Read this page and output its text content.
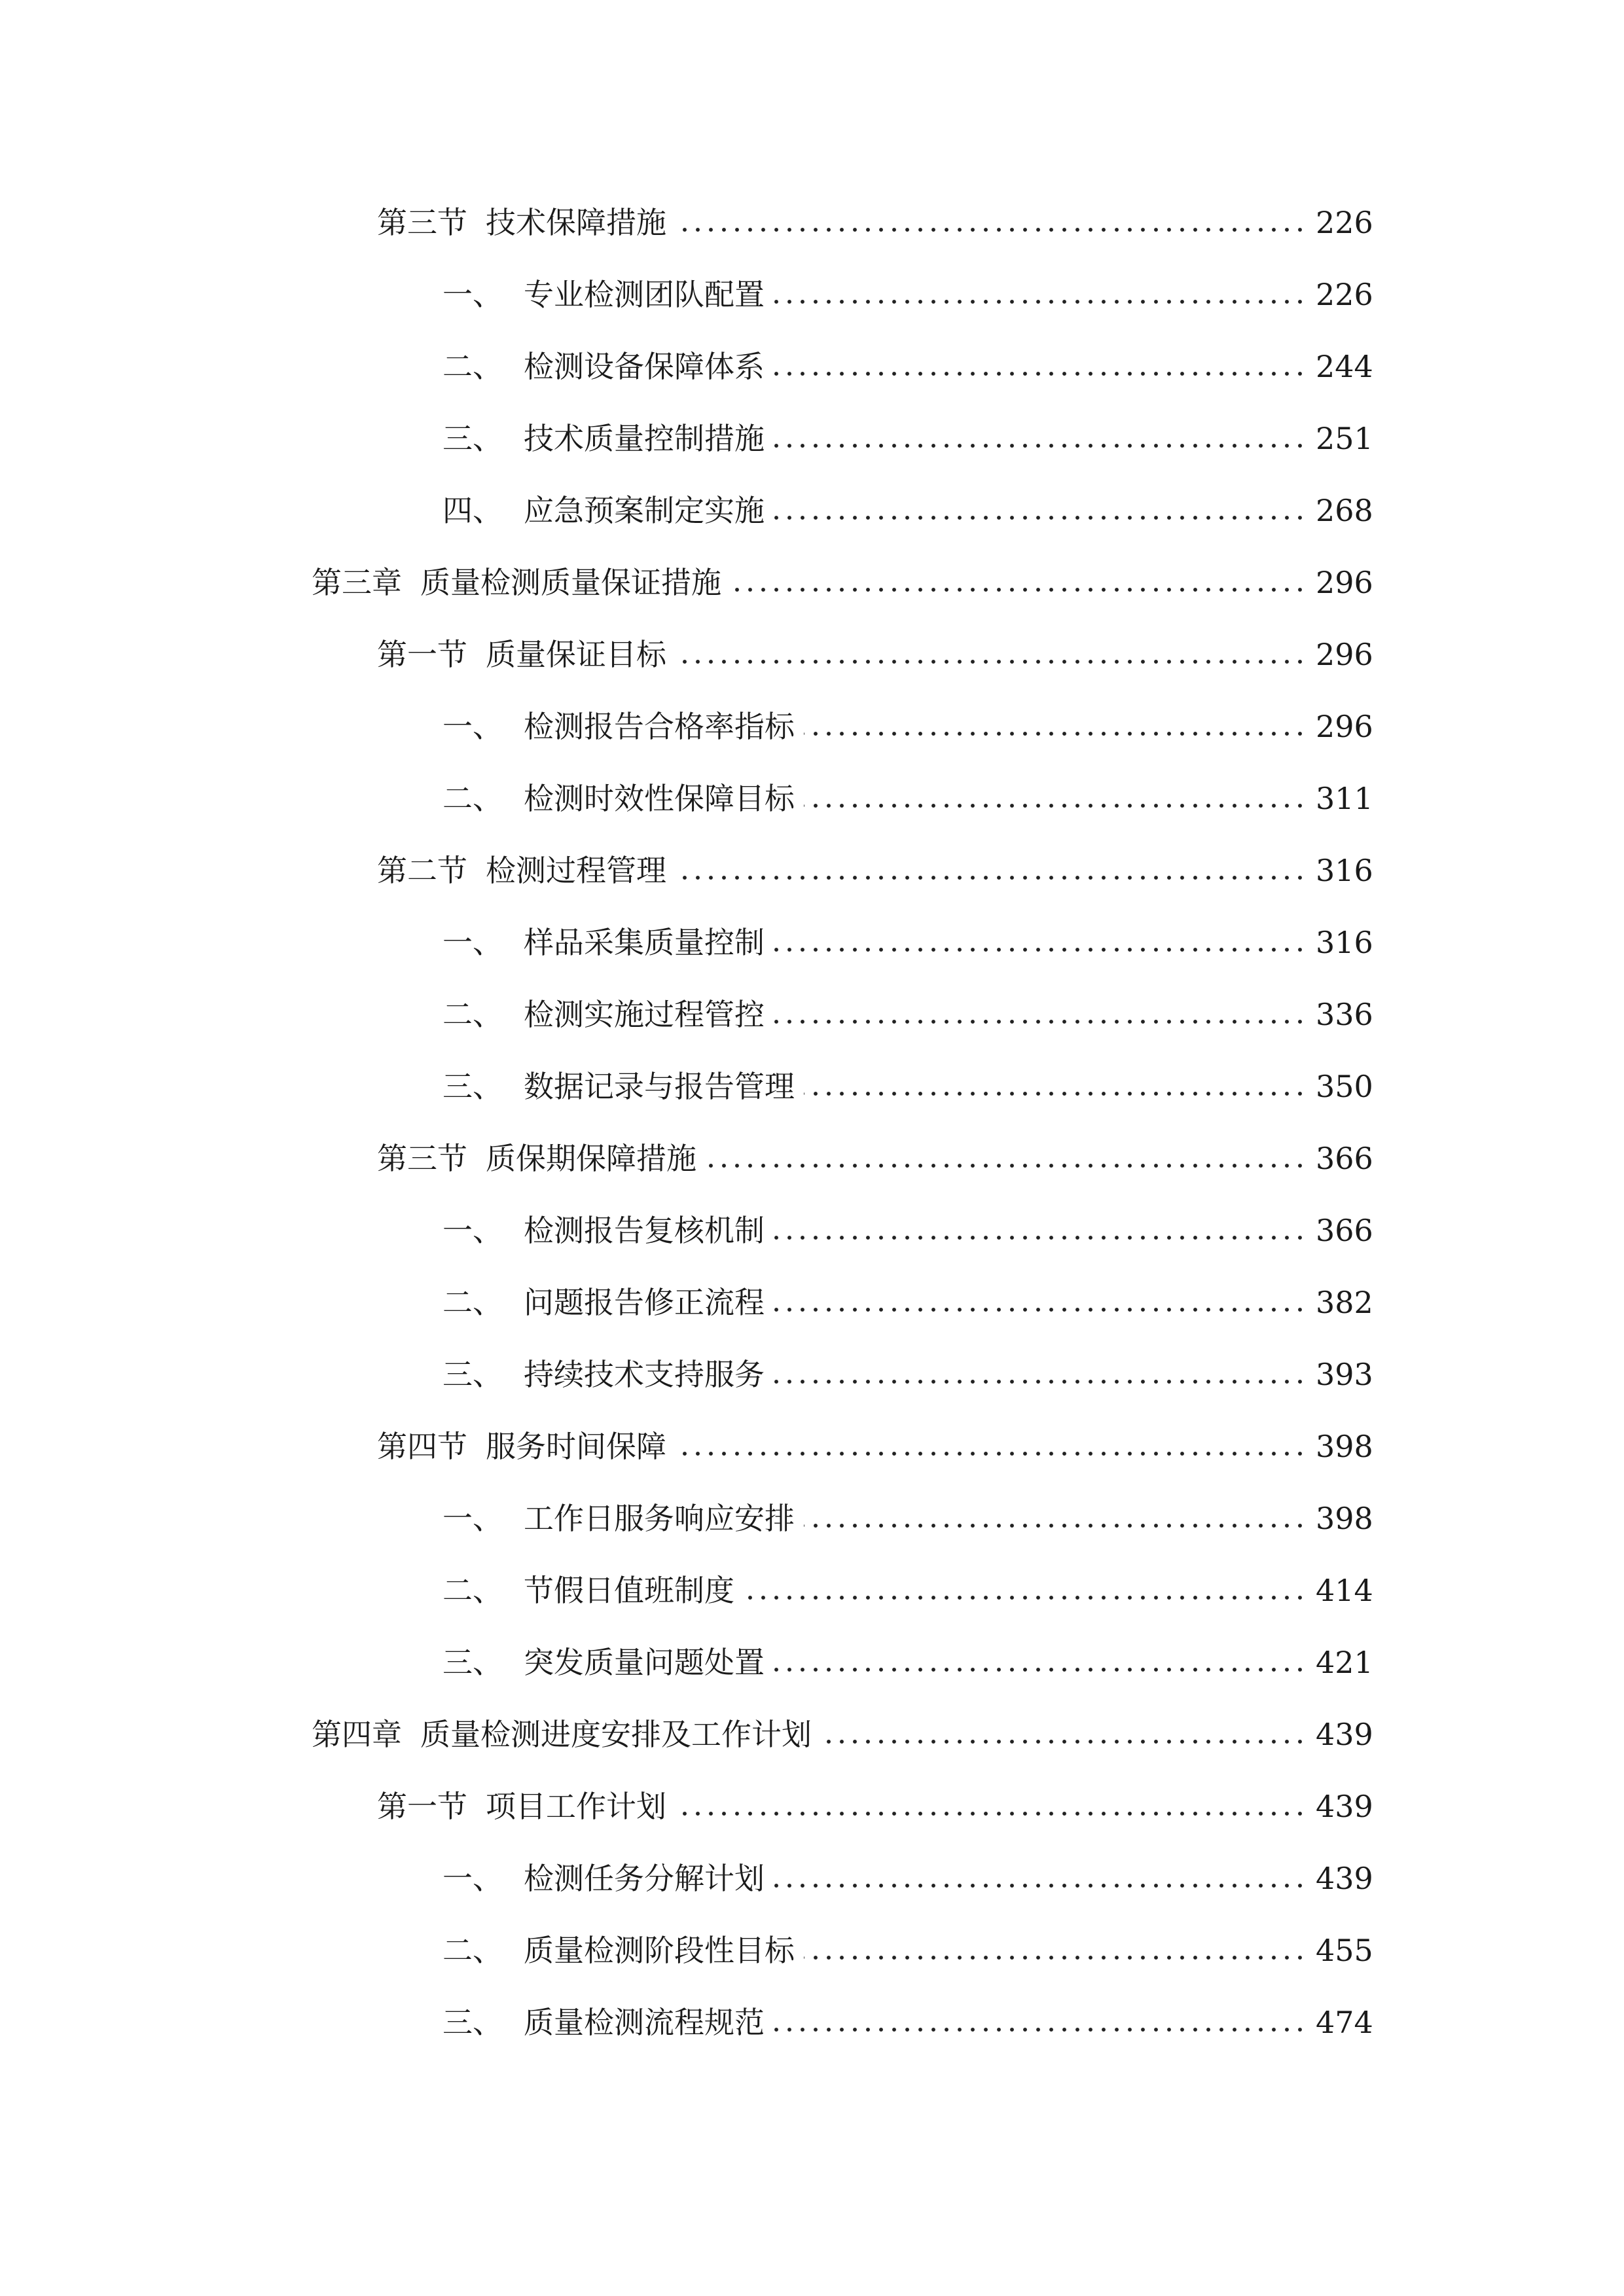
第三节 技术保障措施	226
一、 专业检测团队配置	226
二、 检测设备保障体系	244
三、 技术质量控制措施	251
四、 应急预案制定实施	268
第三章 质量检测质量保证措施	296
第一节 质量保证目标	296
一、 检测报告合格率指标	296
二、 检测时效性保障目标	311
第二节 检测过程管理	316
一、 样品采集质量控制	316
二、 检测实施过程管控	336
三、 数据记录与报告管理	350
第三节 质保期保障措施	366
一、 检测报告复核机制	366
二、 问题报告修正流程	382
三、 持续技术支持服务	393
第四节 服务时间保障	398
一、 工作日服务响应安排	398
二、 节假日值班制度	414
三、 突发质量问题处置	421
第四章 质量检测进度安排及工作计划	439
第一节 项目工作计划	439
一、 检测任务分解计划	439
二、 质量检测阶段性目标	455
三、 质量检测流程规范	474
